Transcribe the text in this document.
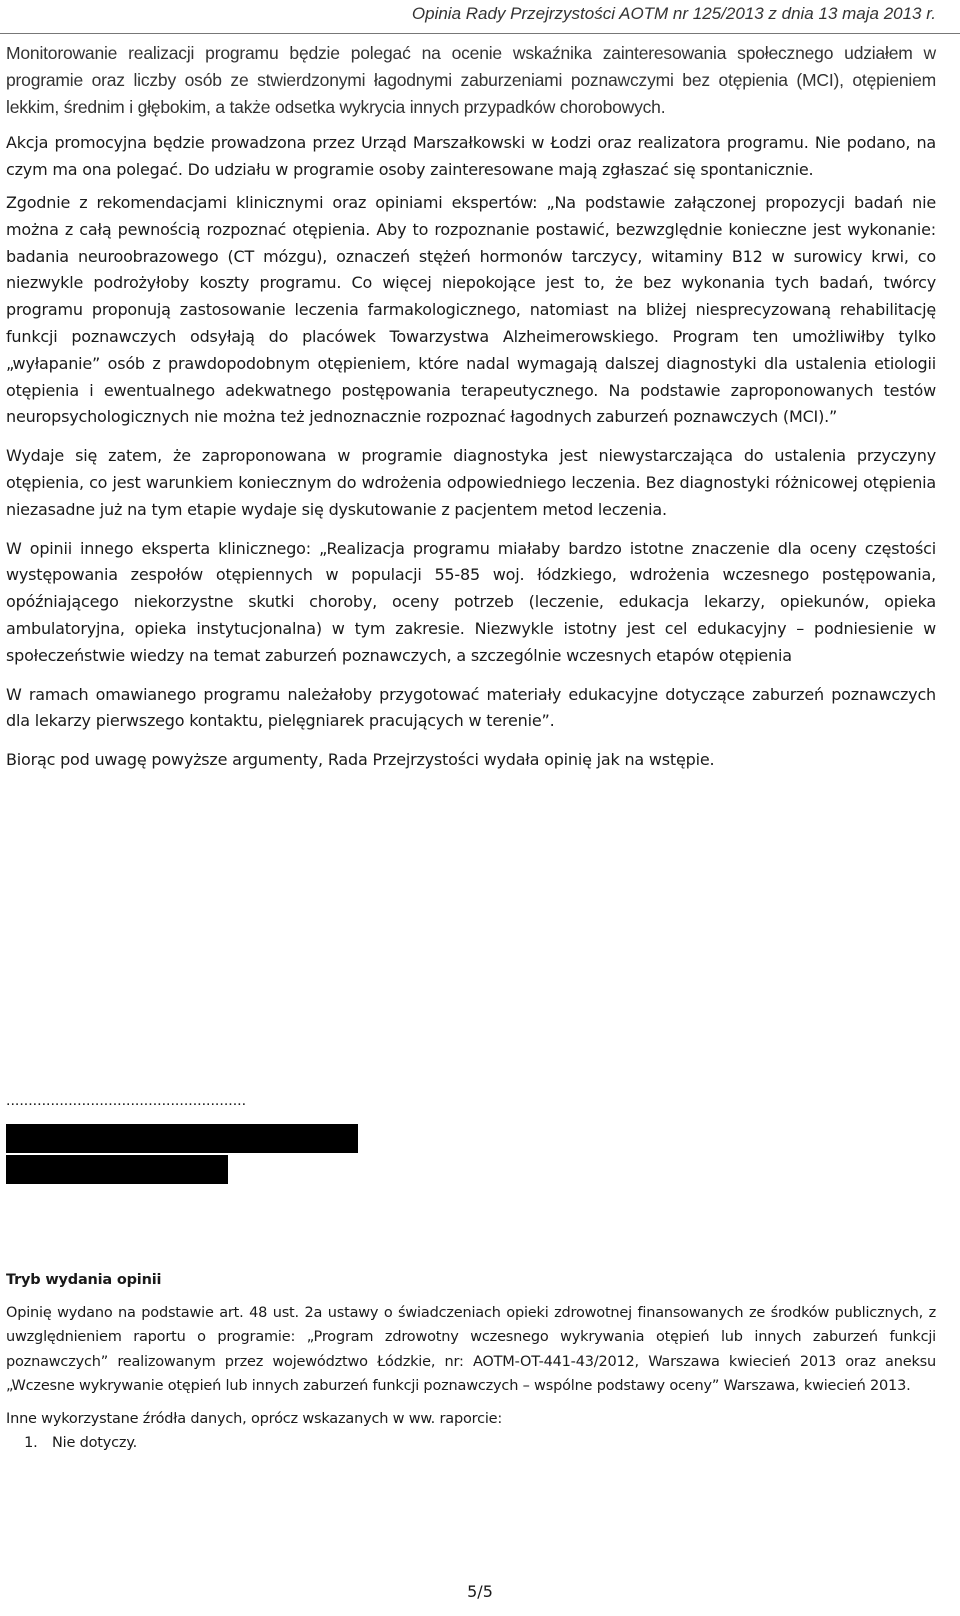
Opinia Rady Przejrzystości AOTM nr 125/2013 z dnia 13 maja 2013 r.

Monitorowanie realizacji programu będzie polegać na ocenie wskaźnika zainteresowania społecznego udziałem w programie oraz liczby osób ze stwierdzonymi łagodnymi zaburzeniami poznawczymi bez otępienia (MCI), otępieniem lekkim, średnim i głębokim, a także odsetka wykrycia innych przypadków chorobowych.

Akcja promocyjna będzie prowadzona przez Urząd Marszałkowski w Łodzi oraz realizatora programu. Nie podano, na czym ma ona polegać. Do udziału w programie osoby zainteresowane mają zgłaszać się spontanicznie.

Zgodnie z rekomendacjami klinicznymi oraz opiniami ekspertów: „Na podstawie załączonej propozycji badań nie można z całą pewnością rozpoznać otępienia. Aby to rozpoznanie postawić, bezwzględnie konieczne jest wykonanie: badania neuroobrazowego (CT mózgu), oznaczeń stężeń hormonów tarczycy, witaminy B12 w surowicy krwi, co niezwykle podrożyłoby koszty programu. Co więcej niepokojące jest to, że bez wykonania tych badań, twórcy programu proponują zastosowanie leczenia farmakologicznego, natomiast na bliżej niesprecyzowaną rehabilitację funkcji poznawczych odsyłają do placówek Towarzystwa Alzheimerowskiego. Program ten umożliwiłby tylko „wyłapanie” osób z prawdopodobnym otępieniem, które nadal wymagają dalszej diagnostyki dla ustalenia etiologii otępienia i ewentualnego adekwatnego postępowania terapeutycznego. Na podstawie zaproponowanych testów neuropsychologicznych nie można też jednoznacznie rozpoznać łagodnych zaburzeń poznawczych (MCI).”

Wydaje się zatem, że zaproponowana w programie diagnostyka jest niewystarczająca do ustalenia przyczyny otępienia, co jest warunkiem koniecznym do wdrożenia odpowiedniego leczenia. Bez diagnostyki różnicowej otępienia niezasadne już na tym etapie wydaje się dyskutowanie z pacjentem metod leczenia.

W opinii innego eksperta klinicznego: „Realizacja programu miałaby bardzo istotne znaczenie dla oceny częstości występowania zespołów otępiennych w populacji 55-85 woj. łódzkiego, wdrożenia wczesnego postępowania, opóźniającego niekorzystne skutki choroby, oceny potrzeb (leczenie, edukacja lekarzy, opiekunów, opieka ambulatoryjna, opieka instytucjonalna) w tym zakresie. Niezwykle istotny jest cel edukacyjny – podniesienie w społeczeństwie wiedzy na temat zaburzeń poznawczych, a szczególnie wczesnych etapów otępienia

W ramach omawianego programu należałoby przygotować materiały edukacyjne dotyczące zaburzeń poznawczych dla lekarzy pierwszego kontaktu, pielęgniarek pracujących w terenie”.

Biorąc pod uwagę powyższe argumenty, Rada Przejrzystości wydała opinię jak na wstępie.

......................................................
Tryb wydania opinii

Opinię wydano na podstawie art. 48 ust. 2a ustawy o świadczeniach opieki zdrowotnej finansowanych ze środków publicznych, z uwzględnieniem raportu o programie: „Program zdrowotny wczesnego wykrywania otępień lub innych zaburzeń funkcji poznawczych” realizowanym przez województwo Łódzkie, nr: AOTM-OT-441-43/2012, Warszawa kwiecień 2013 oraz aneksu „Wczesne wykrywanie otępień lub innych zaburzeń funkcji poznawczych – wspólne podstawy oceny” Warszawa, kwiecień 2013.

Inne wykorzystane źródła danych, oprócz wskazanych w ww. raporcie:
1. Nie dotyczy.
5/5
